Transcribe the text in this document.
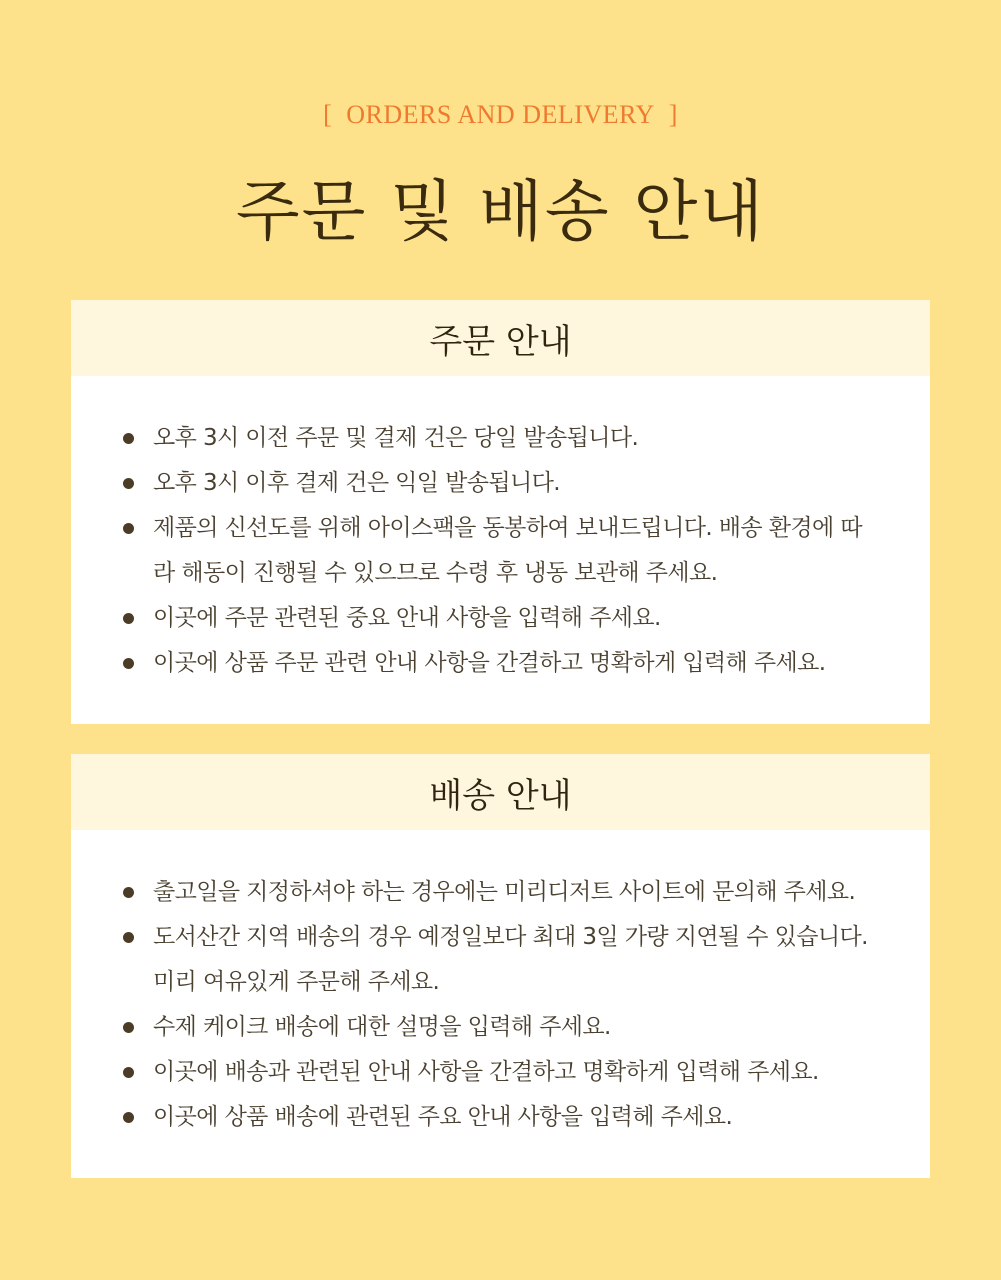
[ ORDERS AND DELIVERY ]
주문 및 배송 안내
주문 안내
오후 3시 이전 주문 및 결제 건은 당일 발송됩니다.
오후 3시 이후 결제 건은 익일 발송됩니다.
제품의 신선도를 위해 아이스팩을 동봉하여 보내드립니다. 배송 환경에 따라 해동이 진행될 수 있으므로 수령 후 냉동 보관해 주세요.
이곳에 주문 관련된 중요 안내 사항을 입력해 주세요.
이곳에 상품 주문 관련 안내 사항을 간결하고 명확하게 입력해 주세요.
배송 안내
출고일을 지정하셔야 하는 경우에는 미리디저트 사이트에 문의해 주세요.
도서산간 지역 배송의 경우 예정일보다 최대 3일 가량 지연될 수 있습니다. 미리 여유있게 주문해 주세요.
수제 케이크 배송에 대한 설명을 입력해 주세요.
이곳에 배송과 관련된 안내 사항을 간결하고 명확하게 입력해 주세요.
이곳에 상품 배송에 관련된 주요 안내 사항을 입력헤 주세요.
